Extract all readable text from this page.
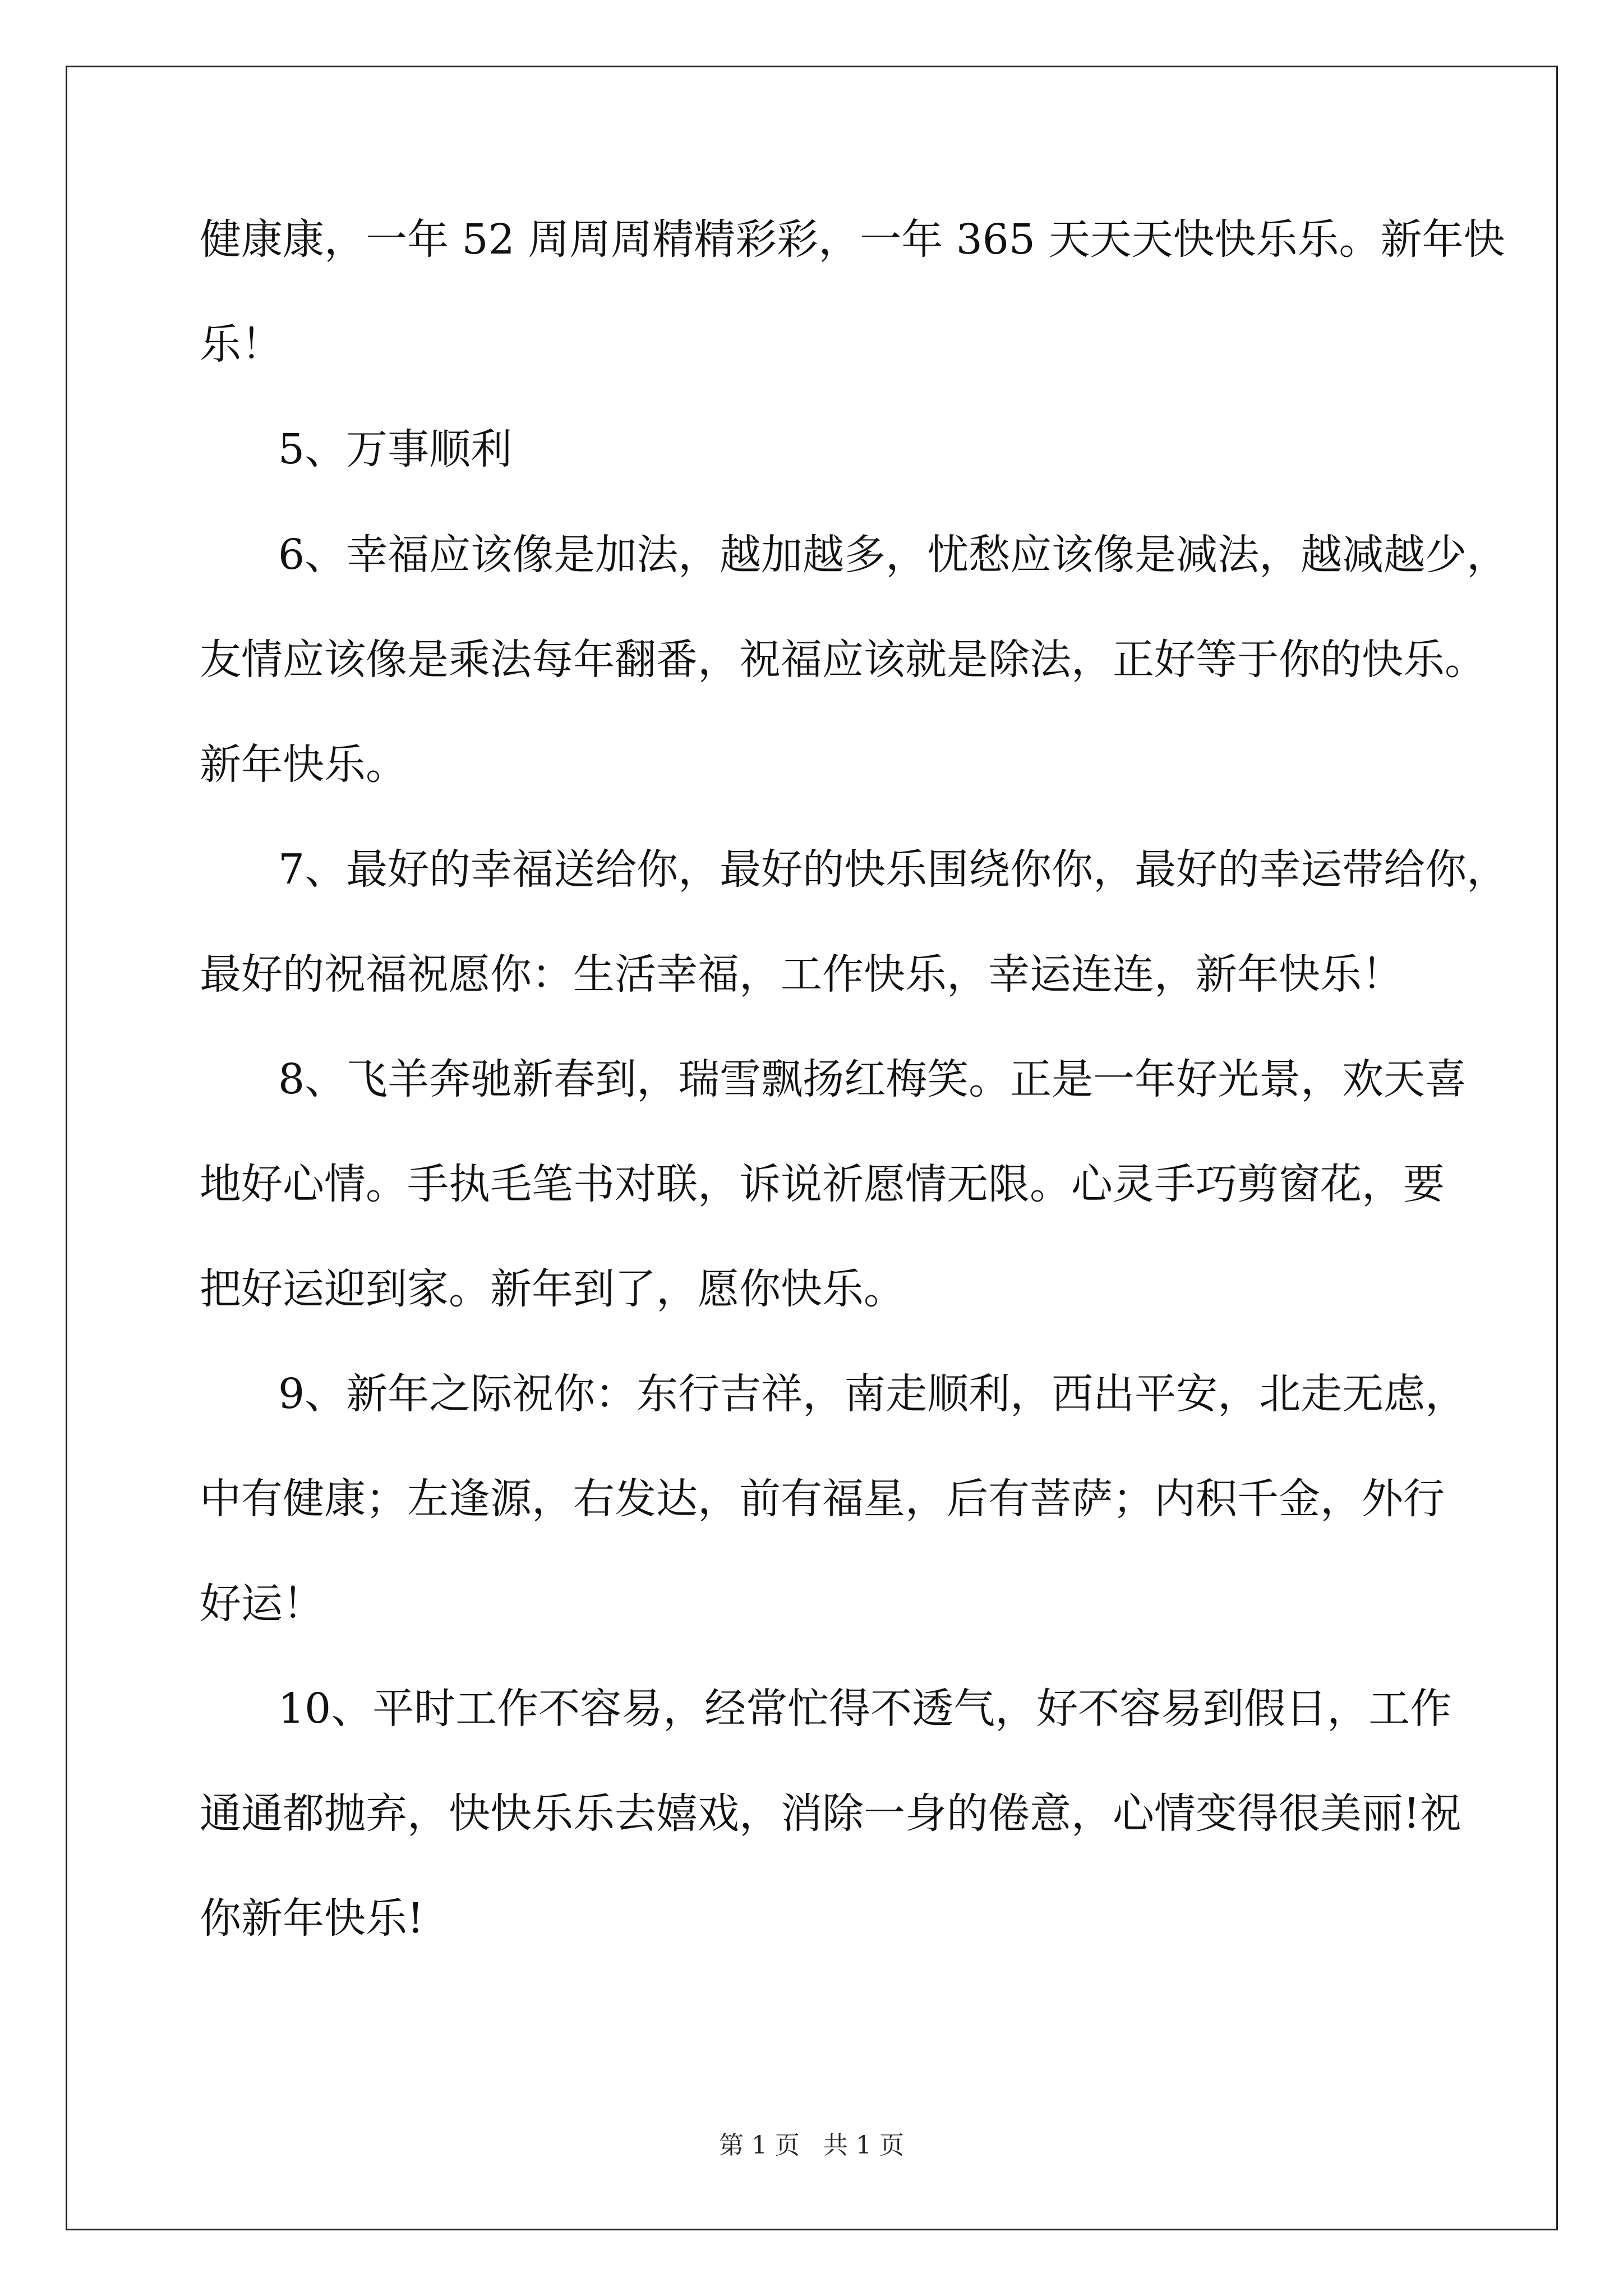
健康康，一年 52 周周周精精彩彩，一年 365 天天天快快乐乐。新年快
乐！
5、万事顺利
6、幸福应该像是加法，越加越多，忧愁应该像是减法，越减越少，
友情应该像是乘法每年翻番，祝福应该就是除法，正好等于你的快乐。
新年快乐。
7、最好的幸福送给你，最好的快乐围绕你你，最好的幸运带给你，
最好的祝福祝愿你：生活幸福，工作快乐，幸运连连，新年快乐！
8、飞羊奔驰新春到，瑞雪飘扬红梅笑。正是一年好光景，欢天喜
地好心情。手执毛笔书对联，诉说祈愿情无限。心灵手巧剪窗花，要
把好运迎到家。新年到了，愿你快乐。
9、新年之际祝你：东行吉祥，南走顺利，西出平安，北走无虑，
中有健康；左逢源，右发达，前有福星，后有菩萨；内积千金，外行
好运！
10、平时工作不容易，经常忙得不透气，好不容易到假日，工作
通通都抛弃，快快乐乐去嬉戏，消除一身的倦意，心情变得很美丽!祝
你新年快乐!
第 1 页   共 1 页
